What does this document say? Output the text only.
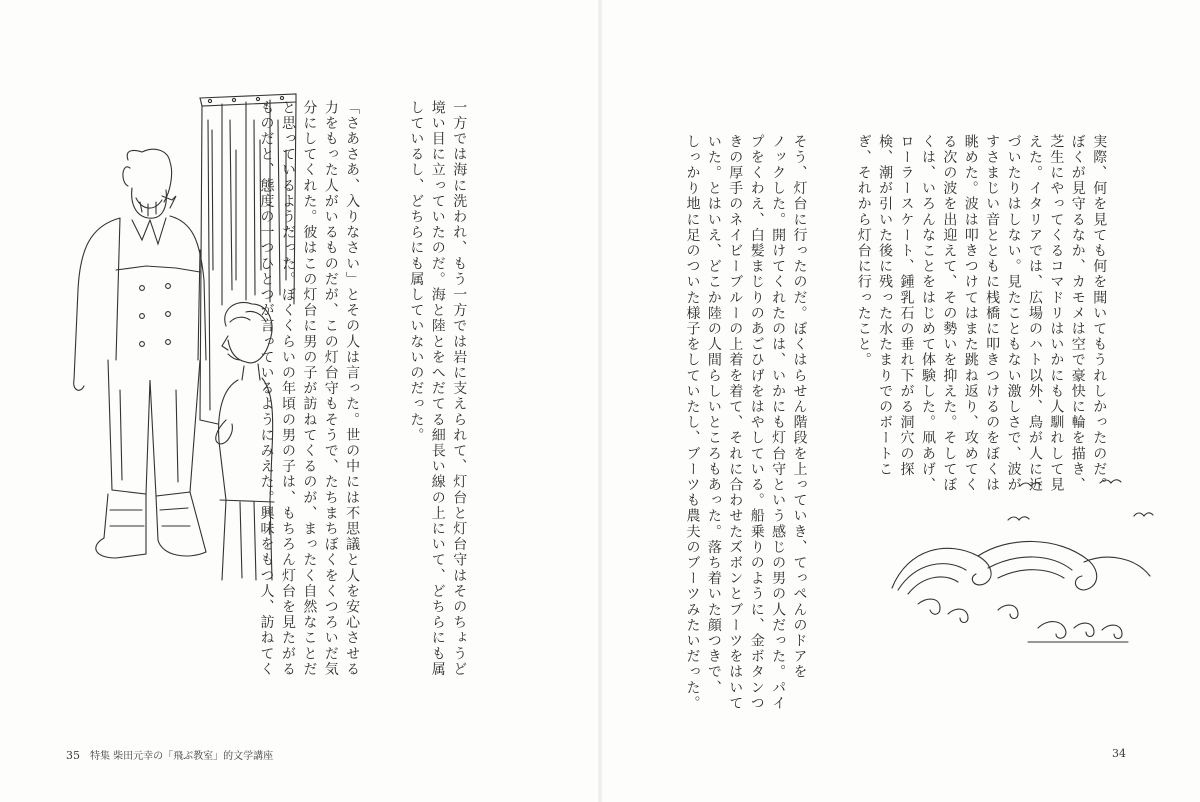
実際、何を見ても何を聞いてもうれしかったのだ。
ぼくが見守るなか、カモメは空で豪快に輪を描き、
芝生にやってくるコマドリはいかにも人馴れして見
えた。イタリアでは、広場のハト以外、鳥が人に近
づいたりはしない。見たこともない激しさで、波が
すさまじい音とともに桟橋に叩きつけるのをぼくは
眺めた。波は叩きつけてはまた跳ね返り、攻めてく
る次の波を出迎えて、その勢いを抑えた。そしてぼ
くは、いろんなことをはじめて体験した。凧あげ、
ローラースケート、鍾乳石の垂れ下がる洞穴の探
検、潮が引いた後に残った水たまりでのボートこ
ぎ、それから灯台に行ったこと。

そう、灯台に行ったのだ。ぼくはらせん階段を上っていき、てっぺんのドアを
ノックした。開けてくれたのは、いかにも灯台守という感じの男の人だった。パイ
プをくわえ、白髪まじりのあごひげをはやしている。船乗りのように、金ボタンつ
きの厚手のネイビーブルーの上着を着て、それに合わせたズボンとブーツをはいて
いた。とはいえ、どこか陸の人間らしいところもあった。落ち着いた顔つきで、
しっかり地に足のついた様子をしていたし、ブーツも農夫のブーツみたいだった。

一方では海に洗われ、もう一方では岩に支えられて、灯台と灯台守はそのちょうど
境い目に立っていたのだ。海と陸とをへだてる細長い線の上にいて、どちらにも属
しているし、どちらにも属していないのだった。

「さあさあ、入りなさい」とその人は言った。世の中には不思議と人を安心させる
力をもった人がいるものだが、この灯台守もそうで、たちまちぼくをくつろいだ気
分にしてくれた。彼はこの灯台に男の子が訪ねてくるのが、まったく自然なことだ
と思っているようだった。ぼくくらいの年頃の男の子は、もちろん灯台を見たがる
ものだと、態度の一つひとつが言っているようにみえた。興味をもつ人、訪ねてく

35 特集 柴田元幸の「飛ぶ教室」的文学講座	34
